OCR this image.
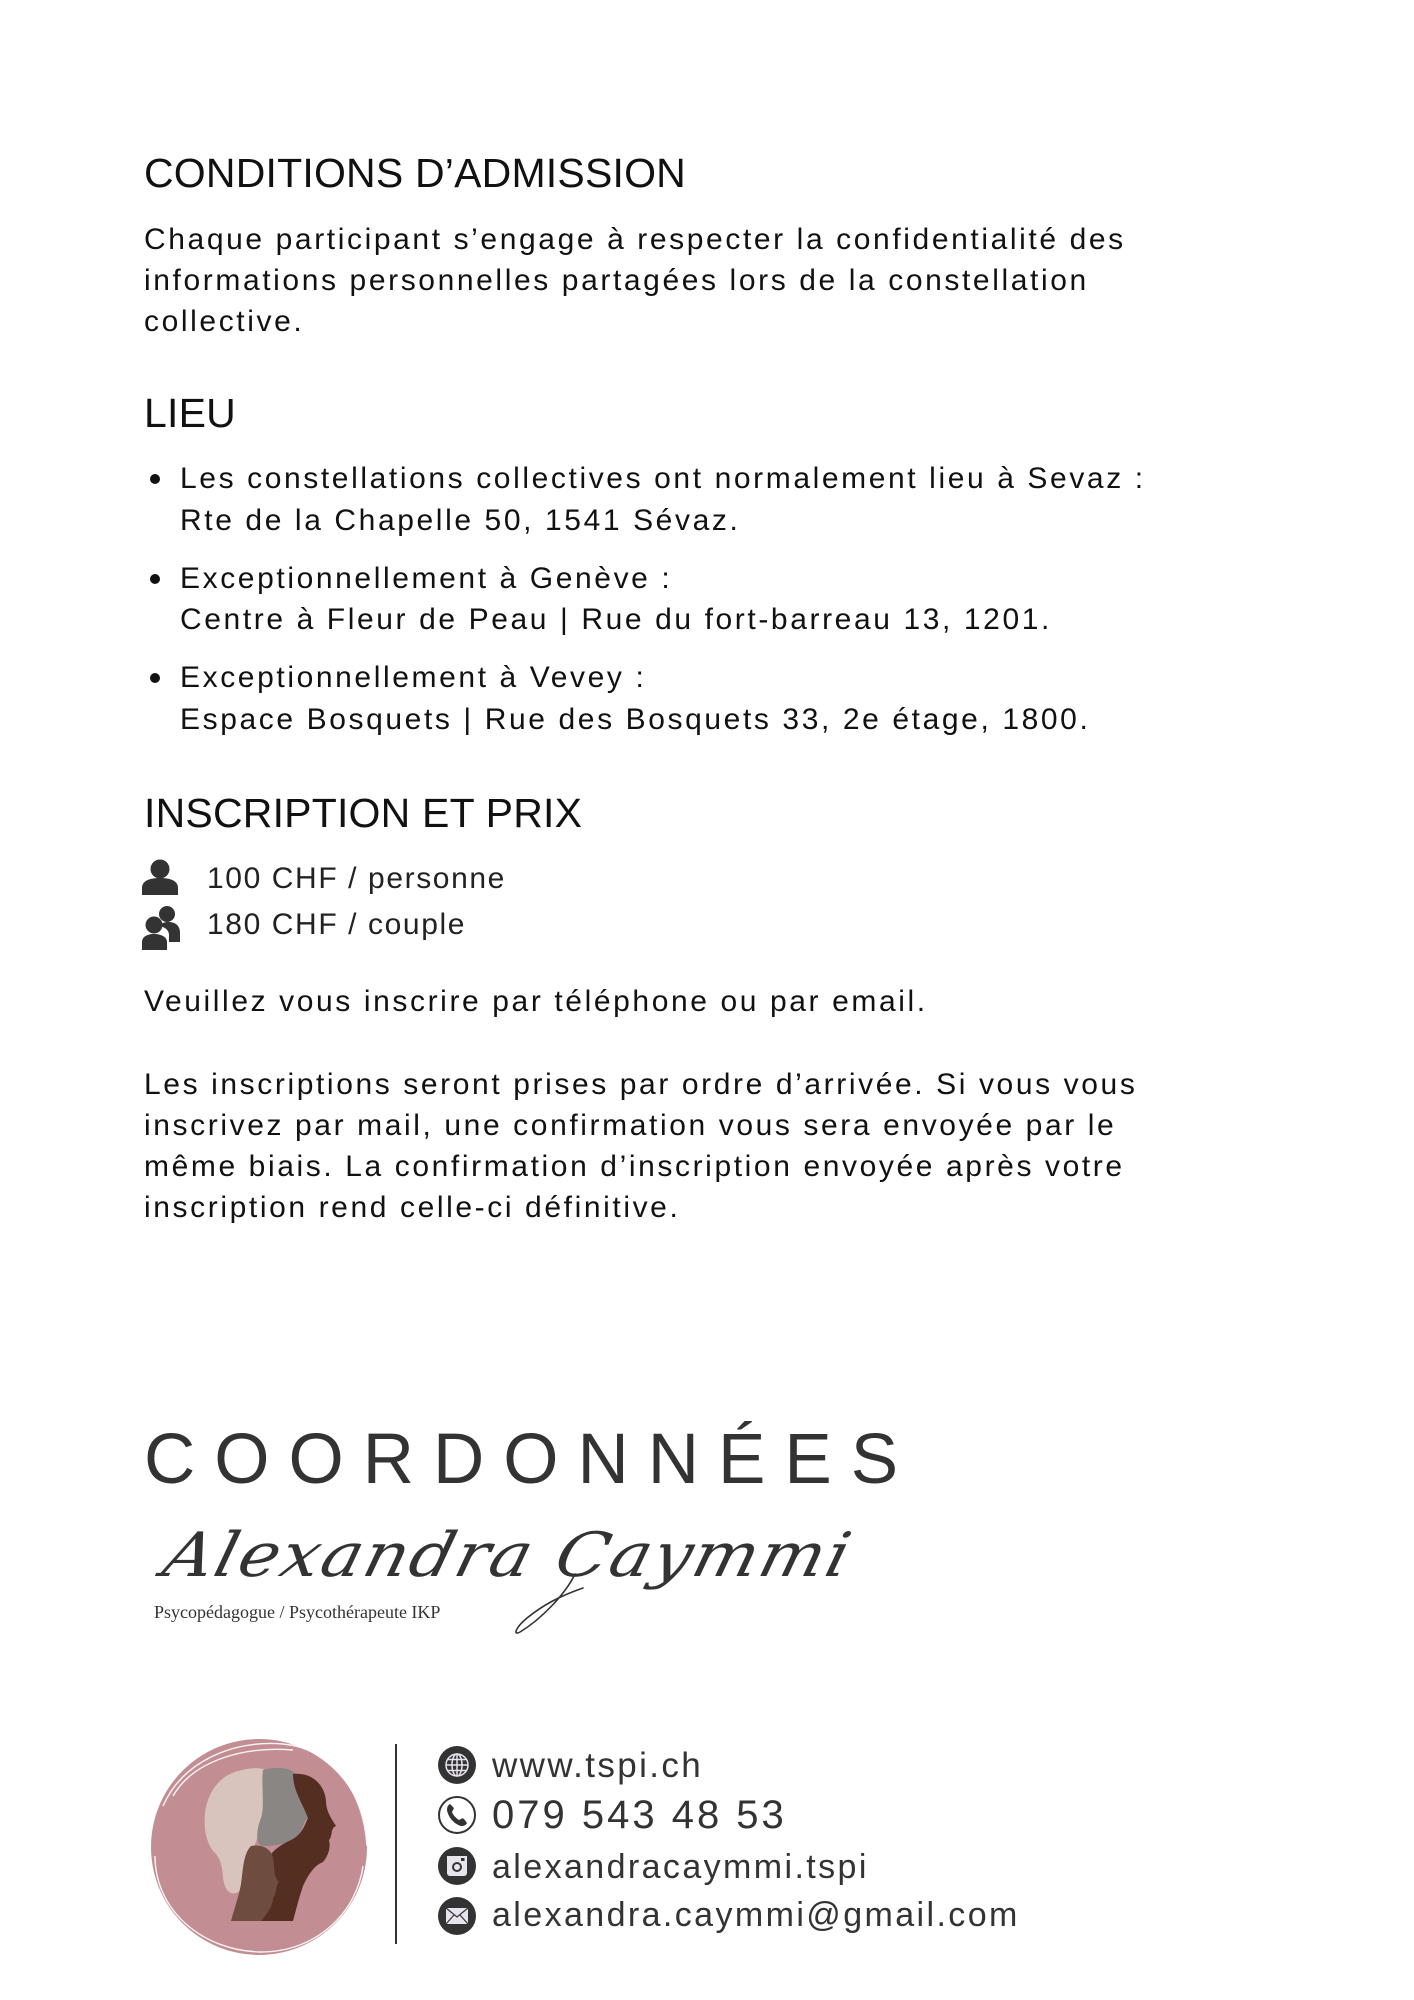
CONDITIONS D’ADMISSION
Chaque participant s’engage à respecter la confidentialité des
informations personnelles partagées lors de la constellation
collective.
LIEU
Les constellations collectives ont normalement lieu à Sevaz :
Rte de la Chapelle 50, 1541 Sévaz.
Exceptionnellement à Genève :
Centre à Fleur de Peau | Rue du fort-barreau 13, 1201.
Exceptionnellement à Vevey :
Espace Bosquets | Rue des Bosquets 33, 2e étage, 1800.
INSCRIPTION ET PRIX
100 CHF / personne
180 CHF / couple
Veuillez vous inscrire par téléphone ou par email.
Les inscriptions seront prises par ordre d’arrivée. Si vous vous
inscrivez par mail, une confirmation vous sera envoyée par le
même biais. La confirmation d’inscription envoyée après votre
inscription rend celle-ci définitive.
COORDONNÉES
Alexandra Caymmi
Psycopédagogue / Psycothérapeute IKP
www.tspi.ch
079 543 48 53
alexandracaymmi.tspi
alexandra.caymmi@gmail.com
